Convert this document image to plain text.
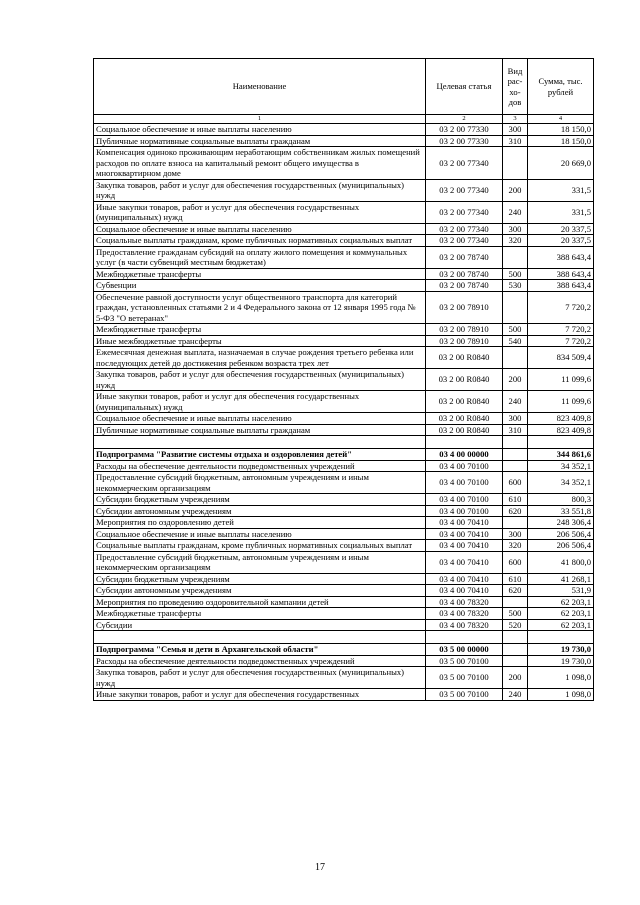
Наименование	Целевая статья	Вид рас-хо-дов	Сумма, тыс. рублей
1	2	3	4
Социальное обеспечение и иные выплаты населению	03 2 00 77330	300	18 150,0
Публичные нормативные социальные выплаты гражданам	03 2 00 77330	310	18 150,0
Компенсация одиноко проживающим неработающим собственникам жилых помещений расходов по оплате взноса на капитальный ремонт общего имущества в многоквартирном доме	03 2 00 77340		20 669,0
Закупка товаров, работ и услуг для обеспечения государственных (муниципальных) нужд	03 2 00 77340	200	331,5
Иные закупки товаров, работ и услуг для обеспечения государственных (муниципальных) нужд	03 2 00 77340	240	331,5
Социальное обеспечение и иные выплаты населению	03 2 00 77340	300	20 337,5
Социальные выплаты гражданам, кроме публичных нормативных социальных выплат	03 2 00 77340	320	20 337,5
Предоставление гражданам субсидий на оплату жилого помещения и коммунальных услуг (в части субвенций местным бюджетам)	03 2 00 78740		388 643,4
Межбюджетные трансферты	03 2 00 78740	500	388 643,4
Субвенции	03 2 00 78740	530	388 643,4
Обеспечение равной доступности услуг общественного транспорта для категорий граждан, установленных статьями 2 и 4 Федерального закона от 12 января 1995 года № 5-ФЗ "О ветеранах"	03 2 00 78910		7 720,2
Межбюджетные трансферты	03 2 00 78910	500	7 720,2
Иные межбюджетные трансферты	03 2 00 78910	540	7 720,2
Ежемесячная денежная выплата, назначаемая в случае рождения третьего ребенка или последующих детей до достижения ребенком возраста трех лет	03 2 00 R0840		834 509,4
Закупка товаров, работ и услуг для обеспечения государственных (муниципальных) нужд	03 2 00 R0840	200	11 099,6
Иные закупки товаров, работ и услуг для обеспечения государственных (муниципальных) нужд	03 2 00 R0840	240	11 099,6
Социальное обеспечение и иные выплаты населению	03 2 00 R0840	300	823 409,8
Публичные нормативные социальные выплаты гражданам	03 2 00 R0840	310	823 409,8

Подпрограмма "Развитие системы отдыха и оздоровления детей"	03 4 00 00000		344 861,6
Расходы на обеспечение деятельности подведомственных учреждений	03 4 00 70100		34 352,1
Предоставление субсидий бюджетным, автономным учреждениям и иным некоммерческим организациям	03 4 00 70100	600	34 352,1
Субсидии бюджетным учреждениям	03 4 00 70100	610	800,3
Субсидии автономным учреждениям	03 4 00 70100	620	33 551,8
Мероприятия по оздоровлению детей	03 4 00 70410		248 306,4
Социальное обеспечение и иные выплаты населению	03 4 00 70410	300	206 506,4
Социальные выплаты гражданам, кроме публичных нормативных социальных выплат	03 4 00 70410	320	206 506,4
Предоставление субсидий бюджетным, автономным учреждениям и иным некоммерческим организациям	03 4 00 70410	600	41 800,0
Субсидии бюджетным учреждениям	03 4 00 70410	610	41 268,1
Субсидии автономным учреждениям	03 4 00 70410	620	531,9
Мероприятия по проведению оздоровительной кампании детей	03 4 00 78320		62 203,1
Межбюджетные трансферты	03 4 00 78320	500	62 203,1
Субсидии	03 4 00 78320	520	62 203,1

Подпрограмма "Семья и дети в Архангельской области"	03 5 00 00000		19 730,0
Расходы на обеспечение деятельности подведомственных учреждений	03 5 00 70100		19 730,0
Закупка товаров, работ и услуг для обеспечения государственных (муниципальных) нужд	03 5 00 70100	200	1 098,0
Иные закупки товаров, работ и услуг для обеспечения государственных	03 5 00 70100	240	1 098,0
17
